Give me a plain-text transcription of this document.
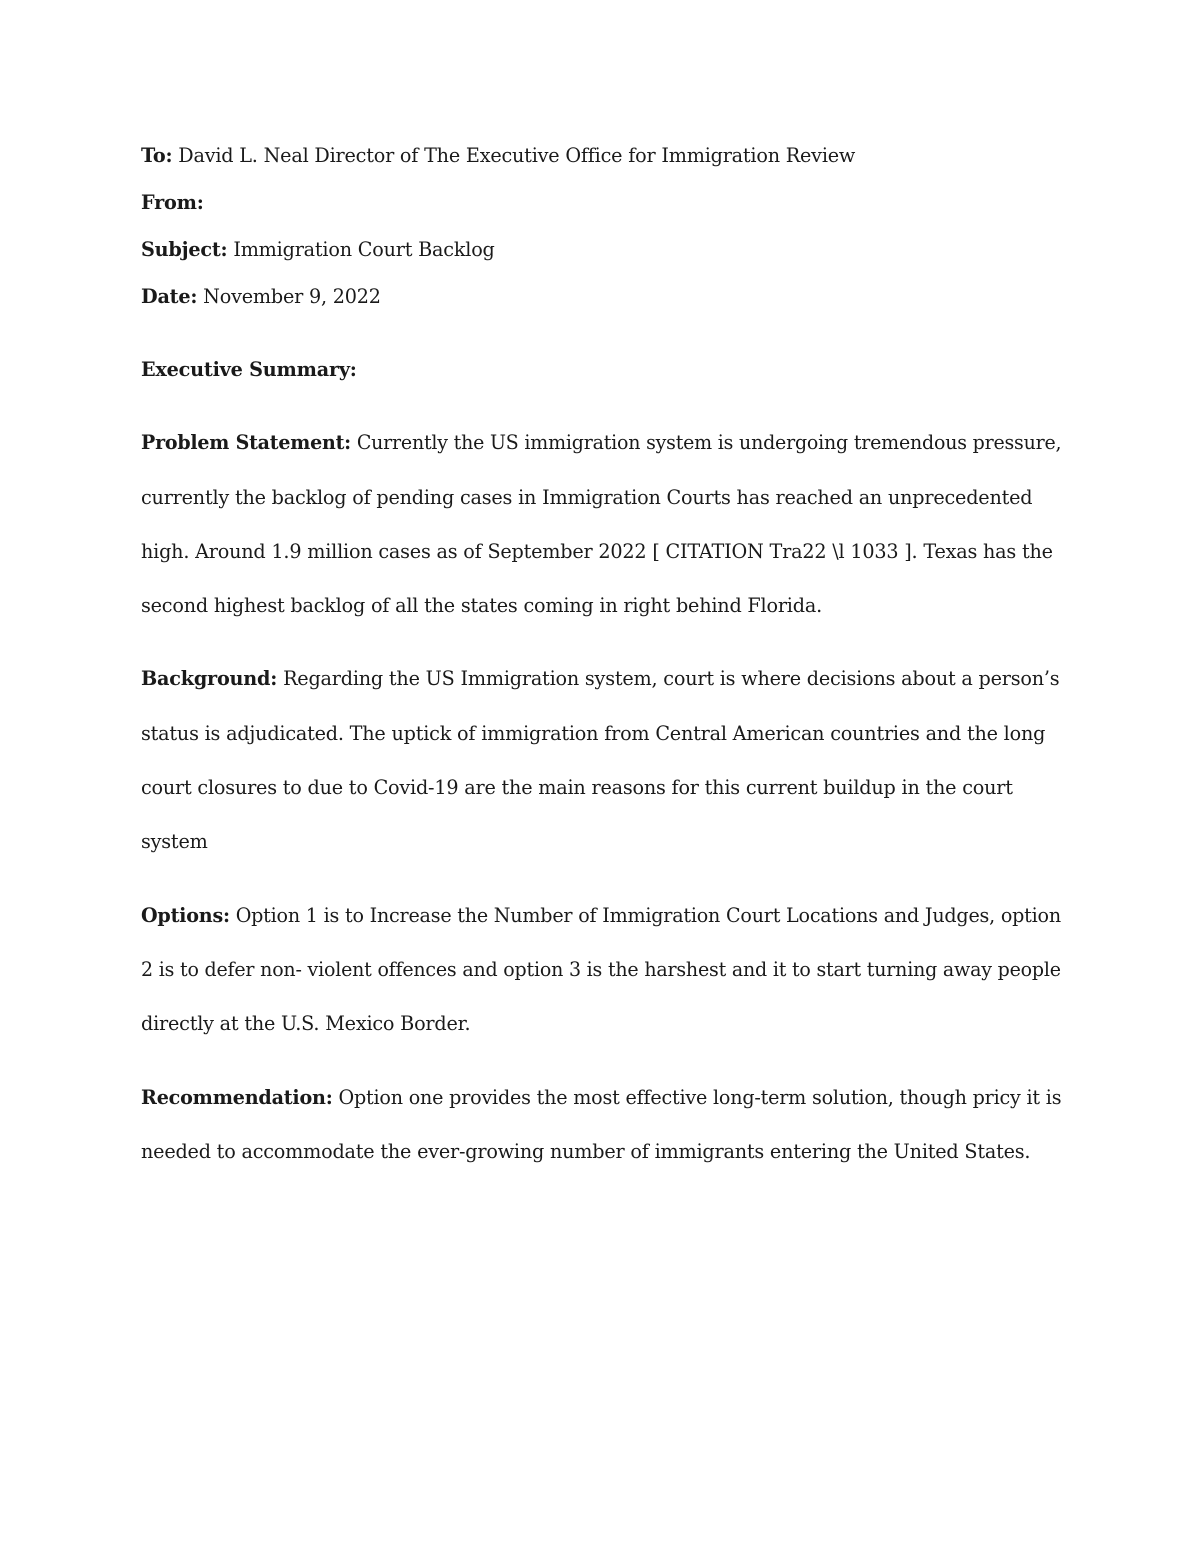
To: David L. Neal Director of The Executive Office for Immigration Review
From:
Subject: Immigration Court Backlog
Date: November 9, 2022
Executive Summary:
Problem Statement: Currently the US immigration system is undergoing tremendous pressure,
currently the backlog of pending cases in Immigration Courts has reached an unprecedented
high. Around 1.9 million cases as of September 2022 [ CITATION Tra22 \l 1033 ]. Texas has the
second highest backlog of all the states coming in right behind Florida.
Background: Regarding the US Immigration system, court is where decisions about a person’s
status is adjudicated. The uptick of immigration from Central American countries and the long
court closures to due to Covid-19 are the main reasons for this current buildup in the court
system
Options: Option 1 is to Increase the Number of Immigration Court Locations and Judges, option
2 is to defer non- violent offences and option 3 is the harshest and it to start turning away people
directly at the U.S. Mexico Border.
Recommendation: Option one provides the most effective long-term solution, though pricy it is
needed to accommodate the ever-growing number of immigrants entering the United States.
